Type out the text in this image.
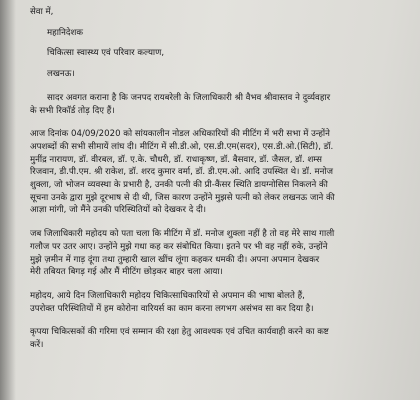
सेवा में,

महानिदेशक

चिकित्सा स्वास्थ्य एवं परिवार कल्याण,

लखनऊ।

सादर अवगत कराना है कि जनपद रायबरेली के जिलाधिकारी श्री वैभव श्रीवास्तव ने दुर्व्यवहार

के सभी रिकॉर्ड तोड़ दिए हैं।

आज दिनांक 04/09/2020 को सांयकालीन नोडल अधिकारियों की मीटिंग में भरी सभा में उन्होंने

अपशब्दों की सभी सीमायें लांघ दी। मीटिंग में सी.डी.ओ, एस.डी.एम(सदर), एस.डी.ओ.(सिटी), डॉ.

मुनींद्र नारायण, डॉ. वीरबल, डॉ. ए.के. चौधरी, डॉ. राधाकृष्ण, डॉ. बैसवार, डॉ. जैसल, डॉ. शम्स

रिजवान, डी.पी.एम. श्री राकेश, डॉ. शरद कुमार वर्मा, डॉ. डी.एम.ओ. आदि उपस्थित थे। डॉ. मनोज

शुक्ला, जो भोजन व्यवस्था के प्रभारी है, उनकी पत्नी की प्री-कैंसर स्थिति डायग्नोसिस निकलने की

सूचना उनके द्वारा मुझे दूरभाष से दी थी, जिस कारण उन्होंने मुझसे पत्नी को लेकर लखनऊ जाने की

आज्ञा मांगी, जो मैंने उनकी परिस्थितियों को देखकर दे दी।

जब जिलाधिकारी महोदय को पता चला कि मीटिंग में डॉ. मनोज शुक्ला नहीं है तो वह मेरे साथ गाली

गलौज पर उतर आए। उन्होंने मुझे गधा कह कर संबोधित किया। इतने पर भी वह नहीं रुके, उन्होंने

मुझे ज़मीन में गाड़ दूंगा तथा तुम्हारी खाल खींच लूंगा कहकर धमकी दी। अपना अपमान देखकर

मेरी तबियत बिगड़ गई और मैं मीटिंग छोड़कर बाहर चला आया।

महोदय, आये दिन जिलाधिकारी महोदय चिकित्साधिकारियों से अपमान की भाषा बोलते हैं,

उपरोक्त परिस्थितियों में हम कोरोना वारियर्स का काम करना लगभग असंभव सा कर दिया है।

कृपया चिकित्सकों की गरिमा एवं सम्मान की रक्षा हेतु आवश्यक एवं उचित कार्यवाही करने का कष्ट

करें।
